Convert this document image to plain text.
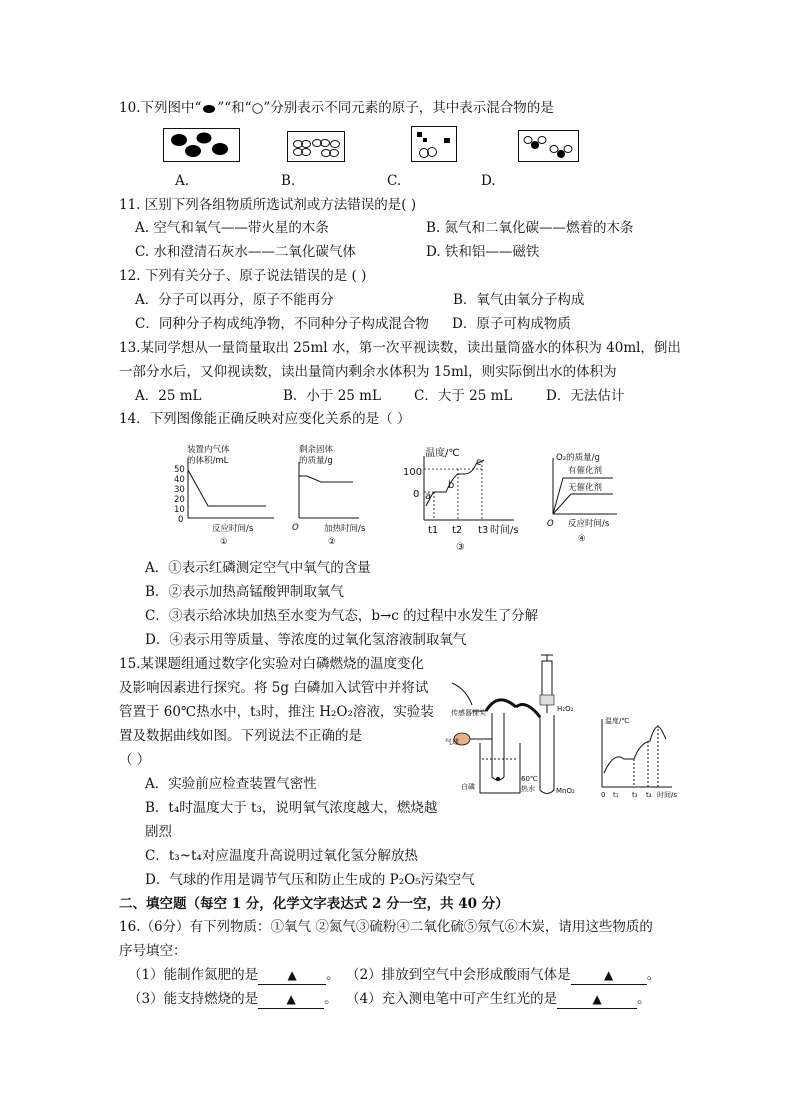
10.下列图中“ ”“和“○”分别表示不同元素的原子，其中表示混合物的是
A.	B.	C.	D.
11. 区别下列各组物质所选试剂或方法错误的是( )
A. 空气和氧气——带火星的木条	B. 氮气和二氧化碳——燃着的木条
C. 水和澄清石灰水——二氧化碳气体	D. 铁和铝——磁铁
12. 下列有关分子、原子说法错误的是 ( )
A．分子可以再分，原子不能再分	B．氧气由氧分子构成
C．同种分子构成纯净物，不同种分子构成混合物 D．原子可构成物质
13.某同学想从一量筒量取出 25ml 水，第一次平视读数，读出量筒盛水的体积为 40ml，倒出
一部分水后，又仰视读数，读出量筒内剩余水体积为 15ml，则实际倒出水的体积为
A．25 mL	B．小于 25 mL C．大于 25 mL D．无法估计
14．下列图像能正确反映对应变化关系的是（ ）
装置内气体
的体积/mL
50
40
30
20
10
0
反应时间/s
①
剩余固体
的质量/g
O	加热时间/s
②
温度/℃
100
0 a
b
c
t1 t2 t3 时间/s
③
O₂的质量/g
有催化剂
无催化剂
O 反应时间/s
④
A．①表示红磷测定空气中氧气的含量
B．②表示加热高锰酸钾制取氧气
C．③表示给冰块加热至水变为气态，b→c 的过程中水发生了分解
D．④表示用等质量、等浓度的过氧化氢溶液制取氧气
15.某课题组通过数字化实验对白磷燃烧的温度变化
及影响因素进行探究。将 5g 白磷加入试管中并将试
管置于 60℃热水中，t₃时，推注 H₂O₂溶液，实验装
置及数据曲线如图。下列说法不正确的是
（ ）
A．实验前应检查装置气密性
B．t₄时温度大于 t₃，说明氧气浓度越大，燃烧越
剧烈
C．t₃~t₄对应温度升高说明过氧化氢分解放热
D．气球的作用是调节气压和防止生成的 P₂O₅污染空气
传感器探头	H₂O₂
气球
温度/℃
白磷
60℃
热水	MnO₂	0 t₁ t₃ t₄ 时间/s
二、填空题（每空 1 分，化学文字表达式 2 分一空，共 40 分）
16.（6分）有下列物质：①氧气 ②氮气③硫粉④二氧化硫⑤氖气⑥木炭，请用这些物质的
序号填空：
（1）能制作氮肥的是 ▲ 。 （2）排放到空气中会形成酸雨气体是	▲ 。
（3）能支持燃烧的是 ▲ 。 （4）充入测电笔中可产生红光的是	▲	。
